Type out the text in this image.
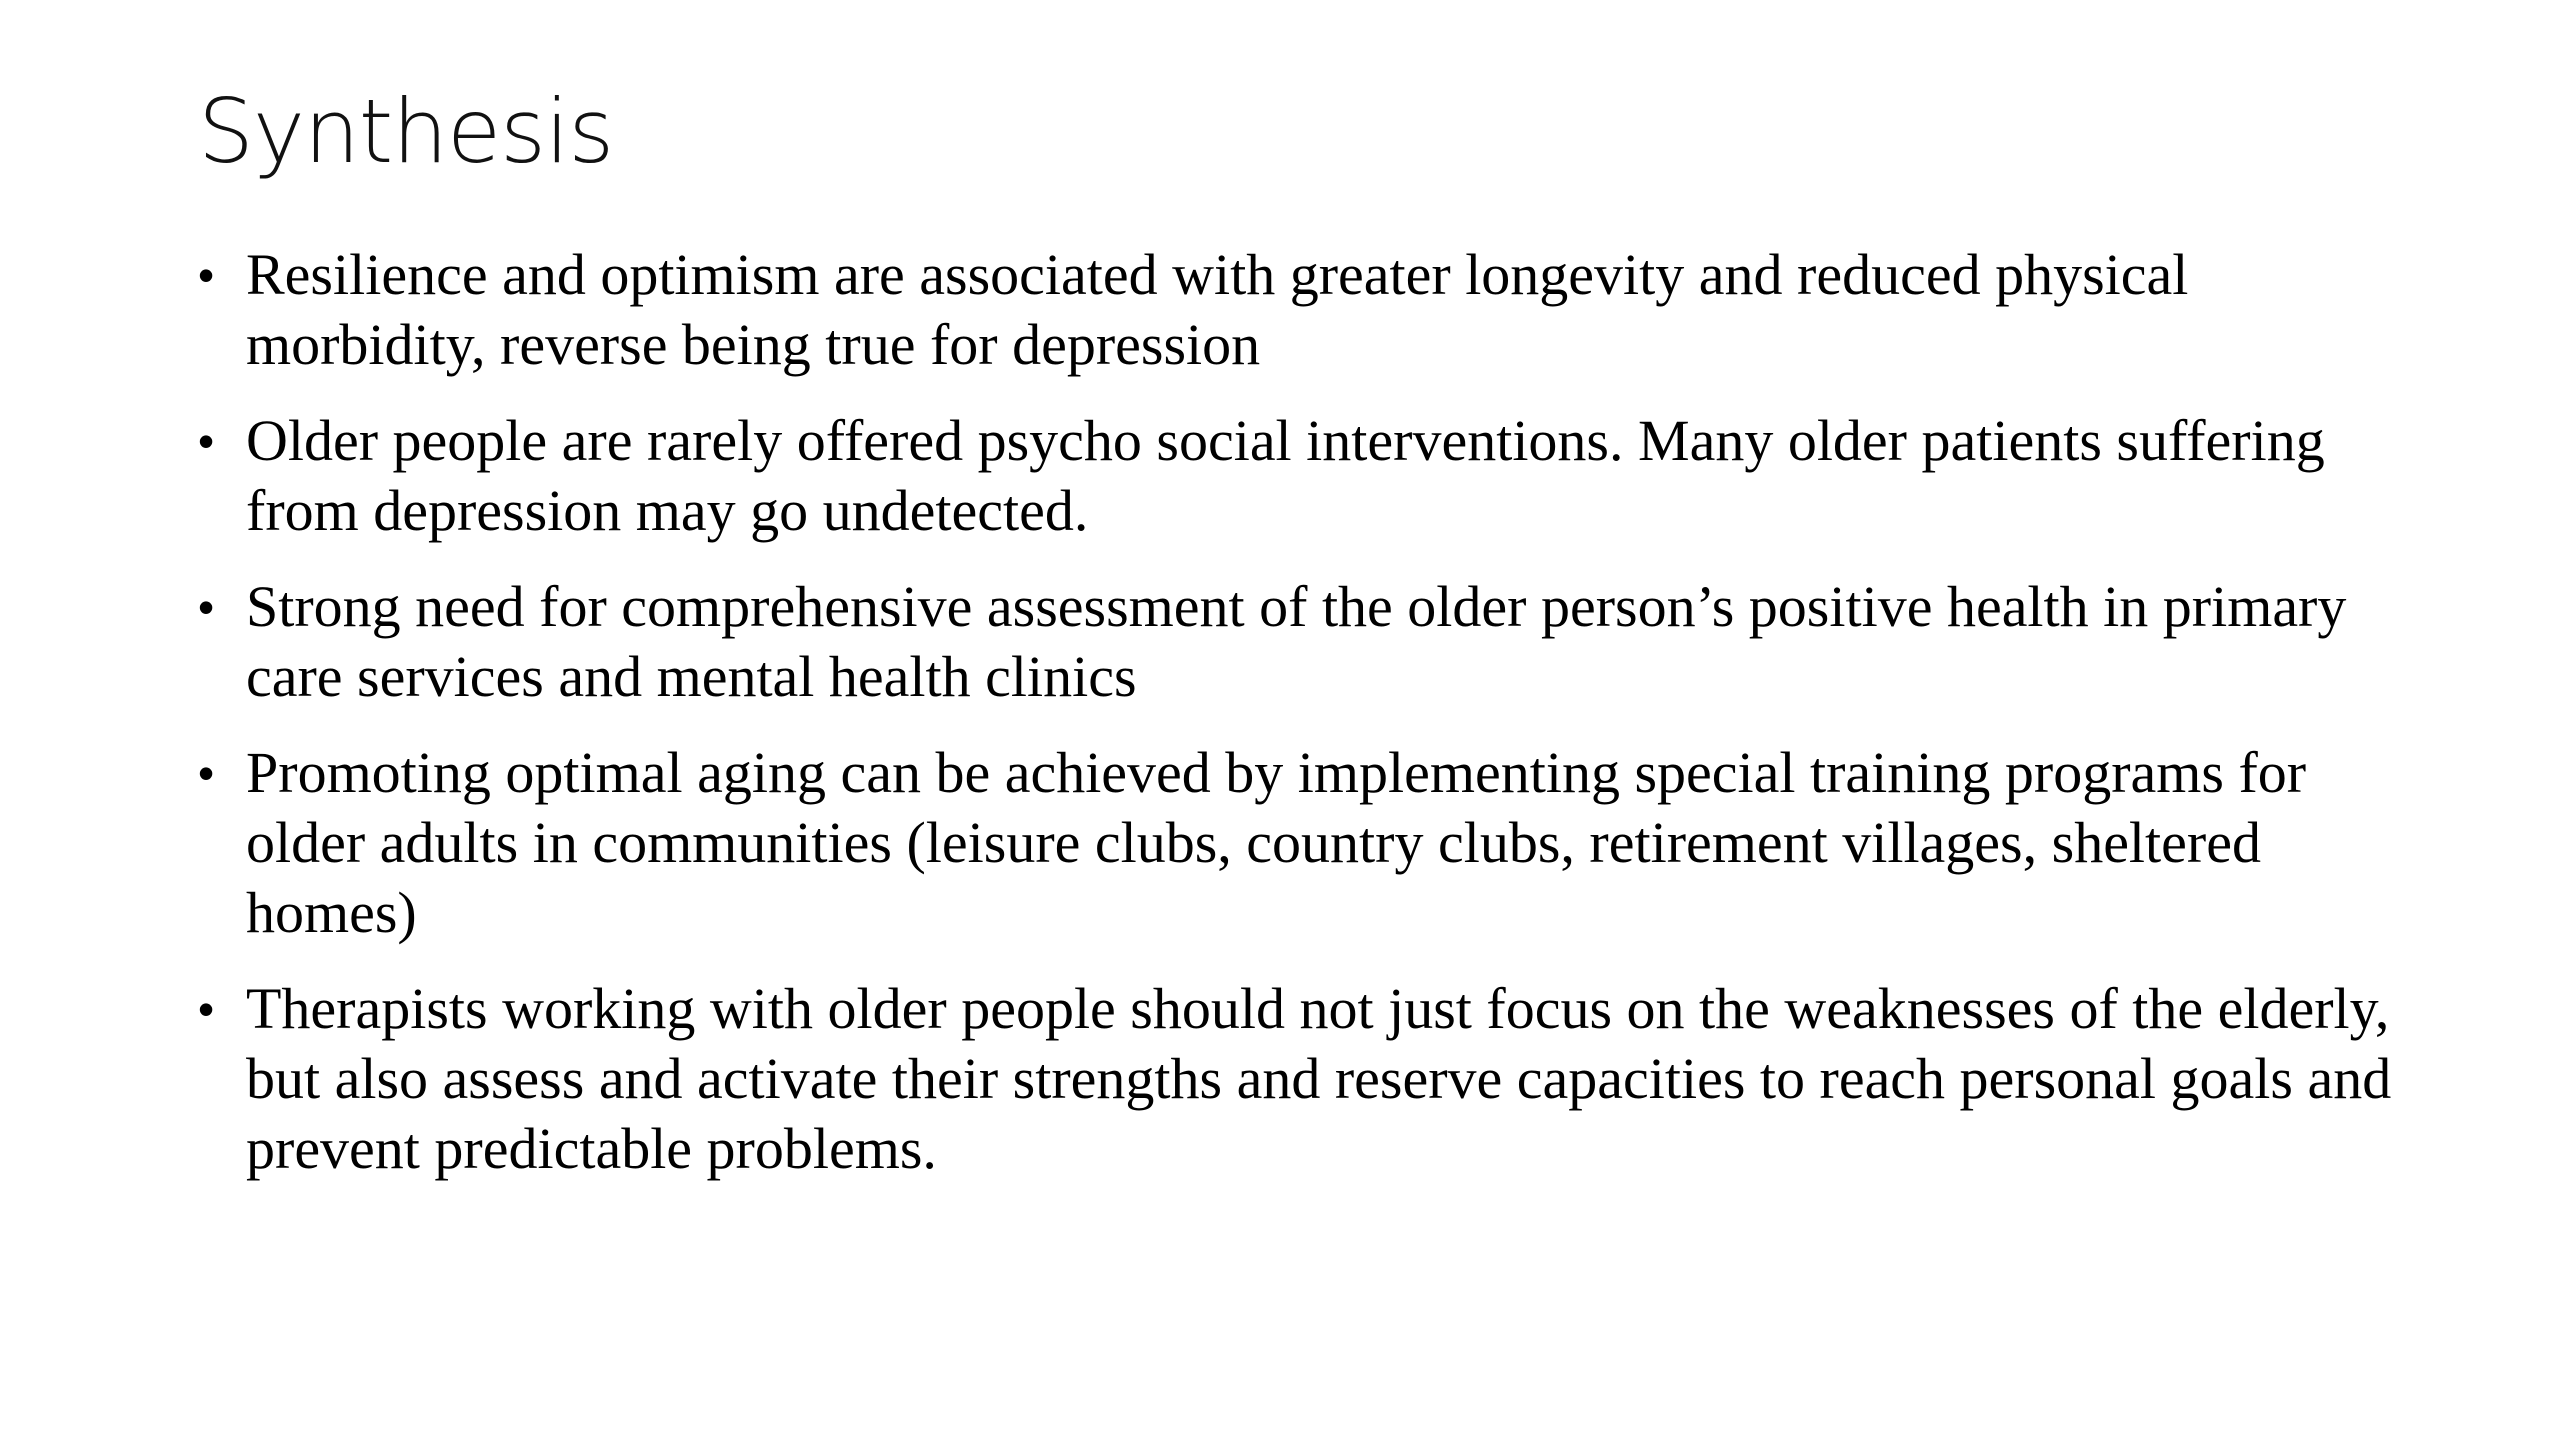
Synthesis
• Resilience and optimism are associated with greater longevity and reduced physical morbidity, reverse being true for depression
• Older people are rarely offered psycho social interventions. Many older patients suffering from depression may go undetected.
• Strong need for comprehensive assessment of the older person’s positive health in primary care services and mental health clinics
• Promoting optimal aging can be achieved by implementing special training programs for older adults in communities (leisure clubs, country clubs, retirement villages, sheltered homes)
• Therapists working with older people should not just focus on the weaknesses of the elderly, but also assess and activate their strengths and reserve capacities to reach personal goals and prevent predictable problems.
